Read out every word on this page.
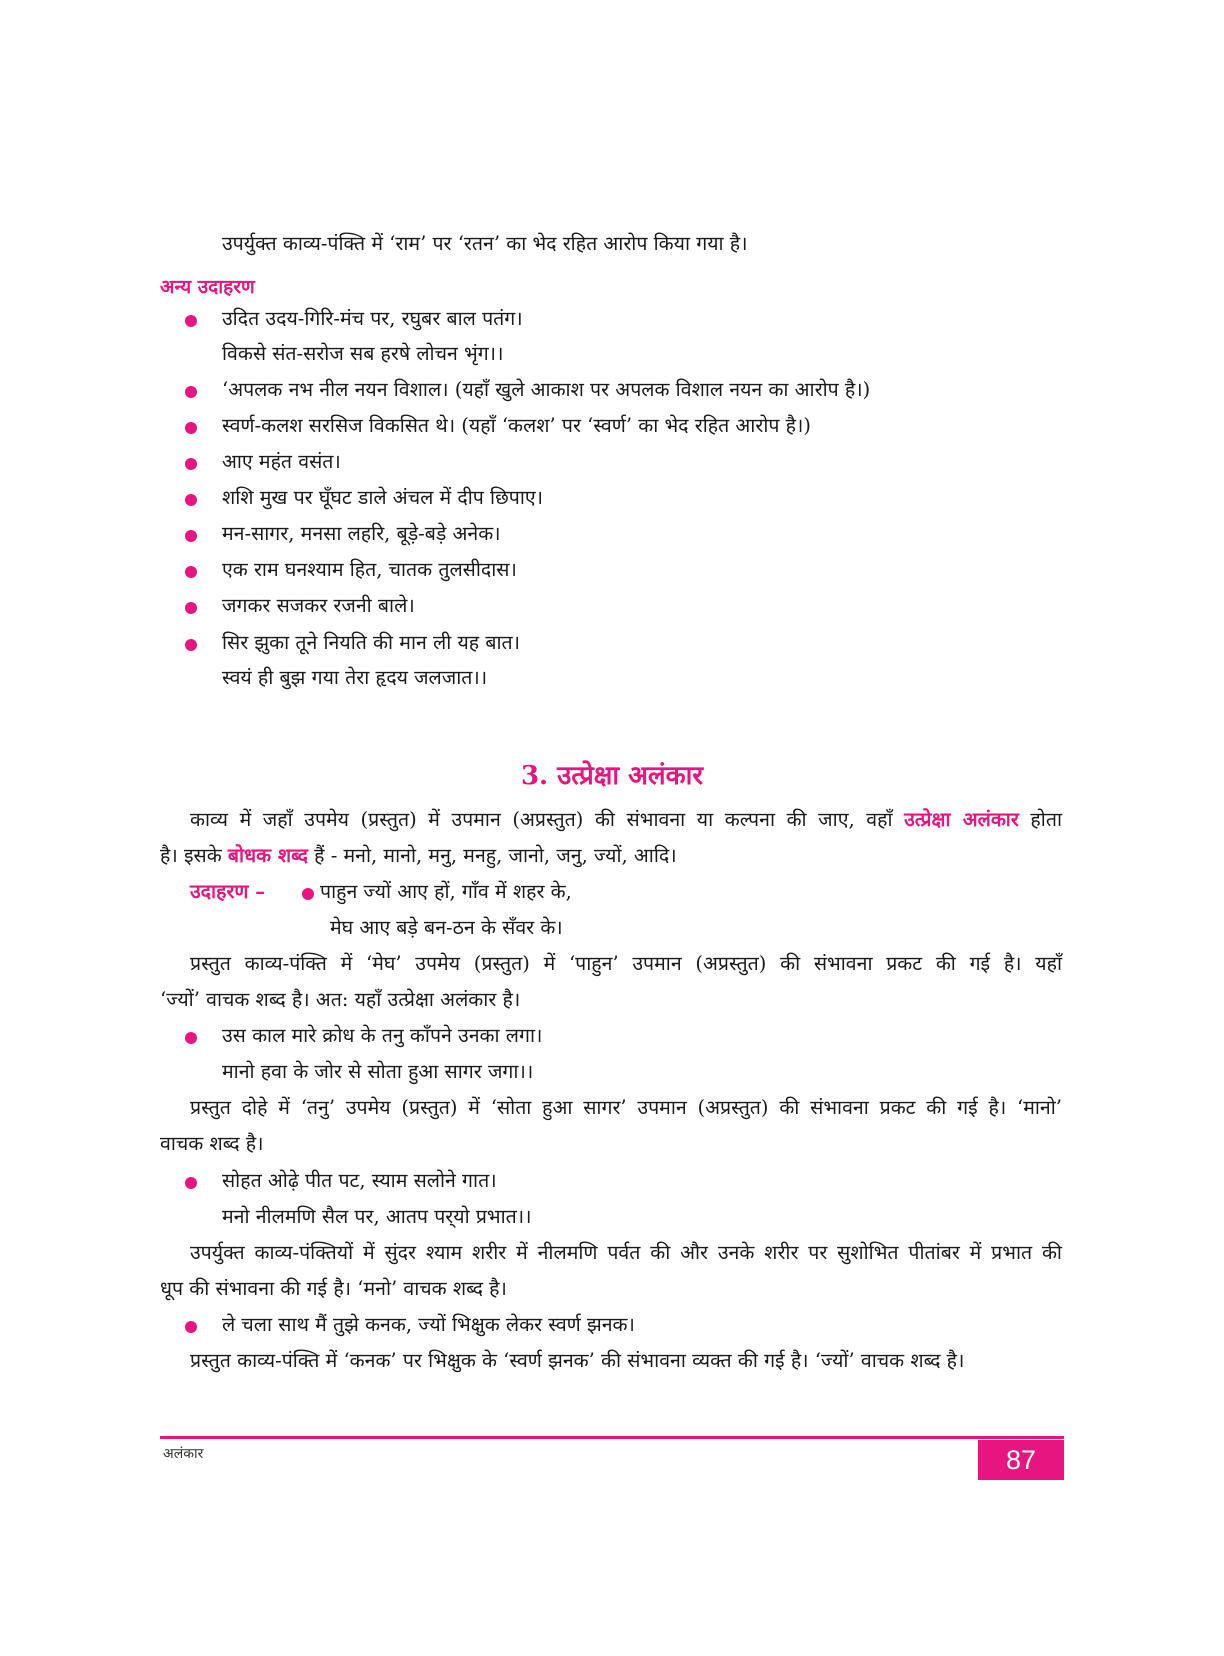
उपर्युक्त काव्य-पंक्ति में ‘राम’ पर ‘रतन’ का भेद रहित आरोप किया गया है।
अन्य उदाहरण
उदित उदय-गिरि-मंच पर, रघुबर बाल पतंग।
विकसे संत-सरोज सब हरषे लोचन भृंग।।
‘अपलक नभ नील नयन विशाल। (यहाँ खुले आकाश पर अपलक विशाल नयन का आरोप है।)
स्वर्ण-कलश सरसिज विकसित थे। (यहाँ ‘कलश’ पर ‘स्वर्ण’ का भेद रहित आरोप है।)
आए महंत वसंत।
शशि मुख पर घूँघट डाले अंचल में दीप छिपाए।
मन-सागर, मनसा लहरि, बूड़े-बड़े अनेक।
एक राम घनश्याम हित, चातक तुलसीदास।
जगकर सजकर रजनी बाले।
सिर झुका तूने नियति की मान ली यह बात।
स्वयं ही बुझ गया तेरा हृदय जलजात।।
3. उत्प्रेक्षा अलंकार
काव्य में जहाँ उपमेय (प्रस्तुत) में उपमान (अप्रस्तुत) की संभावना या कल्पना की जाए, वहाँ उत्प्रेक्षा अलंकार होता
है। इसके बोधक शब्द हैं - मनो, मानो, मनु, मनहु, जानो, जनु, ज्यों, आदि।
उदाहरण –	पाहुन ज्यों आए हों, गाँव में शहर के,
मेघ आए बड़े बन-ठन के सँवर के।
प्रस्तुत काव्य-पंक्ति में ‘मेघ’ उपमेय (प्रस्तुत) में ‘पाहुन’ उपमान (अप्रस्तुत) की संभावना प्रकट की गई है। यहाँ
‘ज्यों’ वाचक शब्द है। अत: यहाँ उत्प्रेक्षा अलंकार है।
उस काल मारे क्रोध के तनु काँपने उनका लगा।
मानो हवा के जोर से सोता हुआ सागर जगा।।
प्रस्तुत दोहे में ‘तनु’ उपमेय (प्रस्तुत) में ‘सोता हुआ सागर’ उपमान (अप्रस्तुत) की संभावना प्रकट की गई है। ‘मानो’
वाचक शब्द है।
सोहत ओढ़े पीत पट, स्याम सलोने गात।
मनो नीलमणि सैल पर, आतप पर्‌यो प्रभात।।
उपर्युक्त काव्य-पंक्तियों में सुंदर श्याम शरीर में नीलमणि पर्वत की और उनके शरीर पर सुशोभित पीतांबर में प्रभात की
धूप की संभावना की गई है। ‘मनो’ वाचक शब्द है।
ले चला साथ मैं तुझे कनक, ज्यों भिक्षुक लेकर स्वर्ण झनक।
प्रस्तुत काव्य-पंक्ति में ‘कनक’ पर भिक्षुक के ‘स्वर्ण झनक’ की संभावना व्यक्त की गई है। ‘ज्यों’ वाचक शब्द है।
अलंकार	87
